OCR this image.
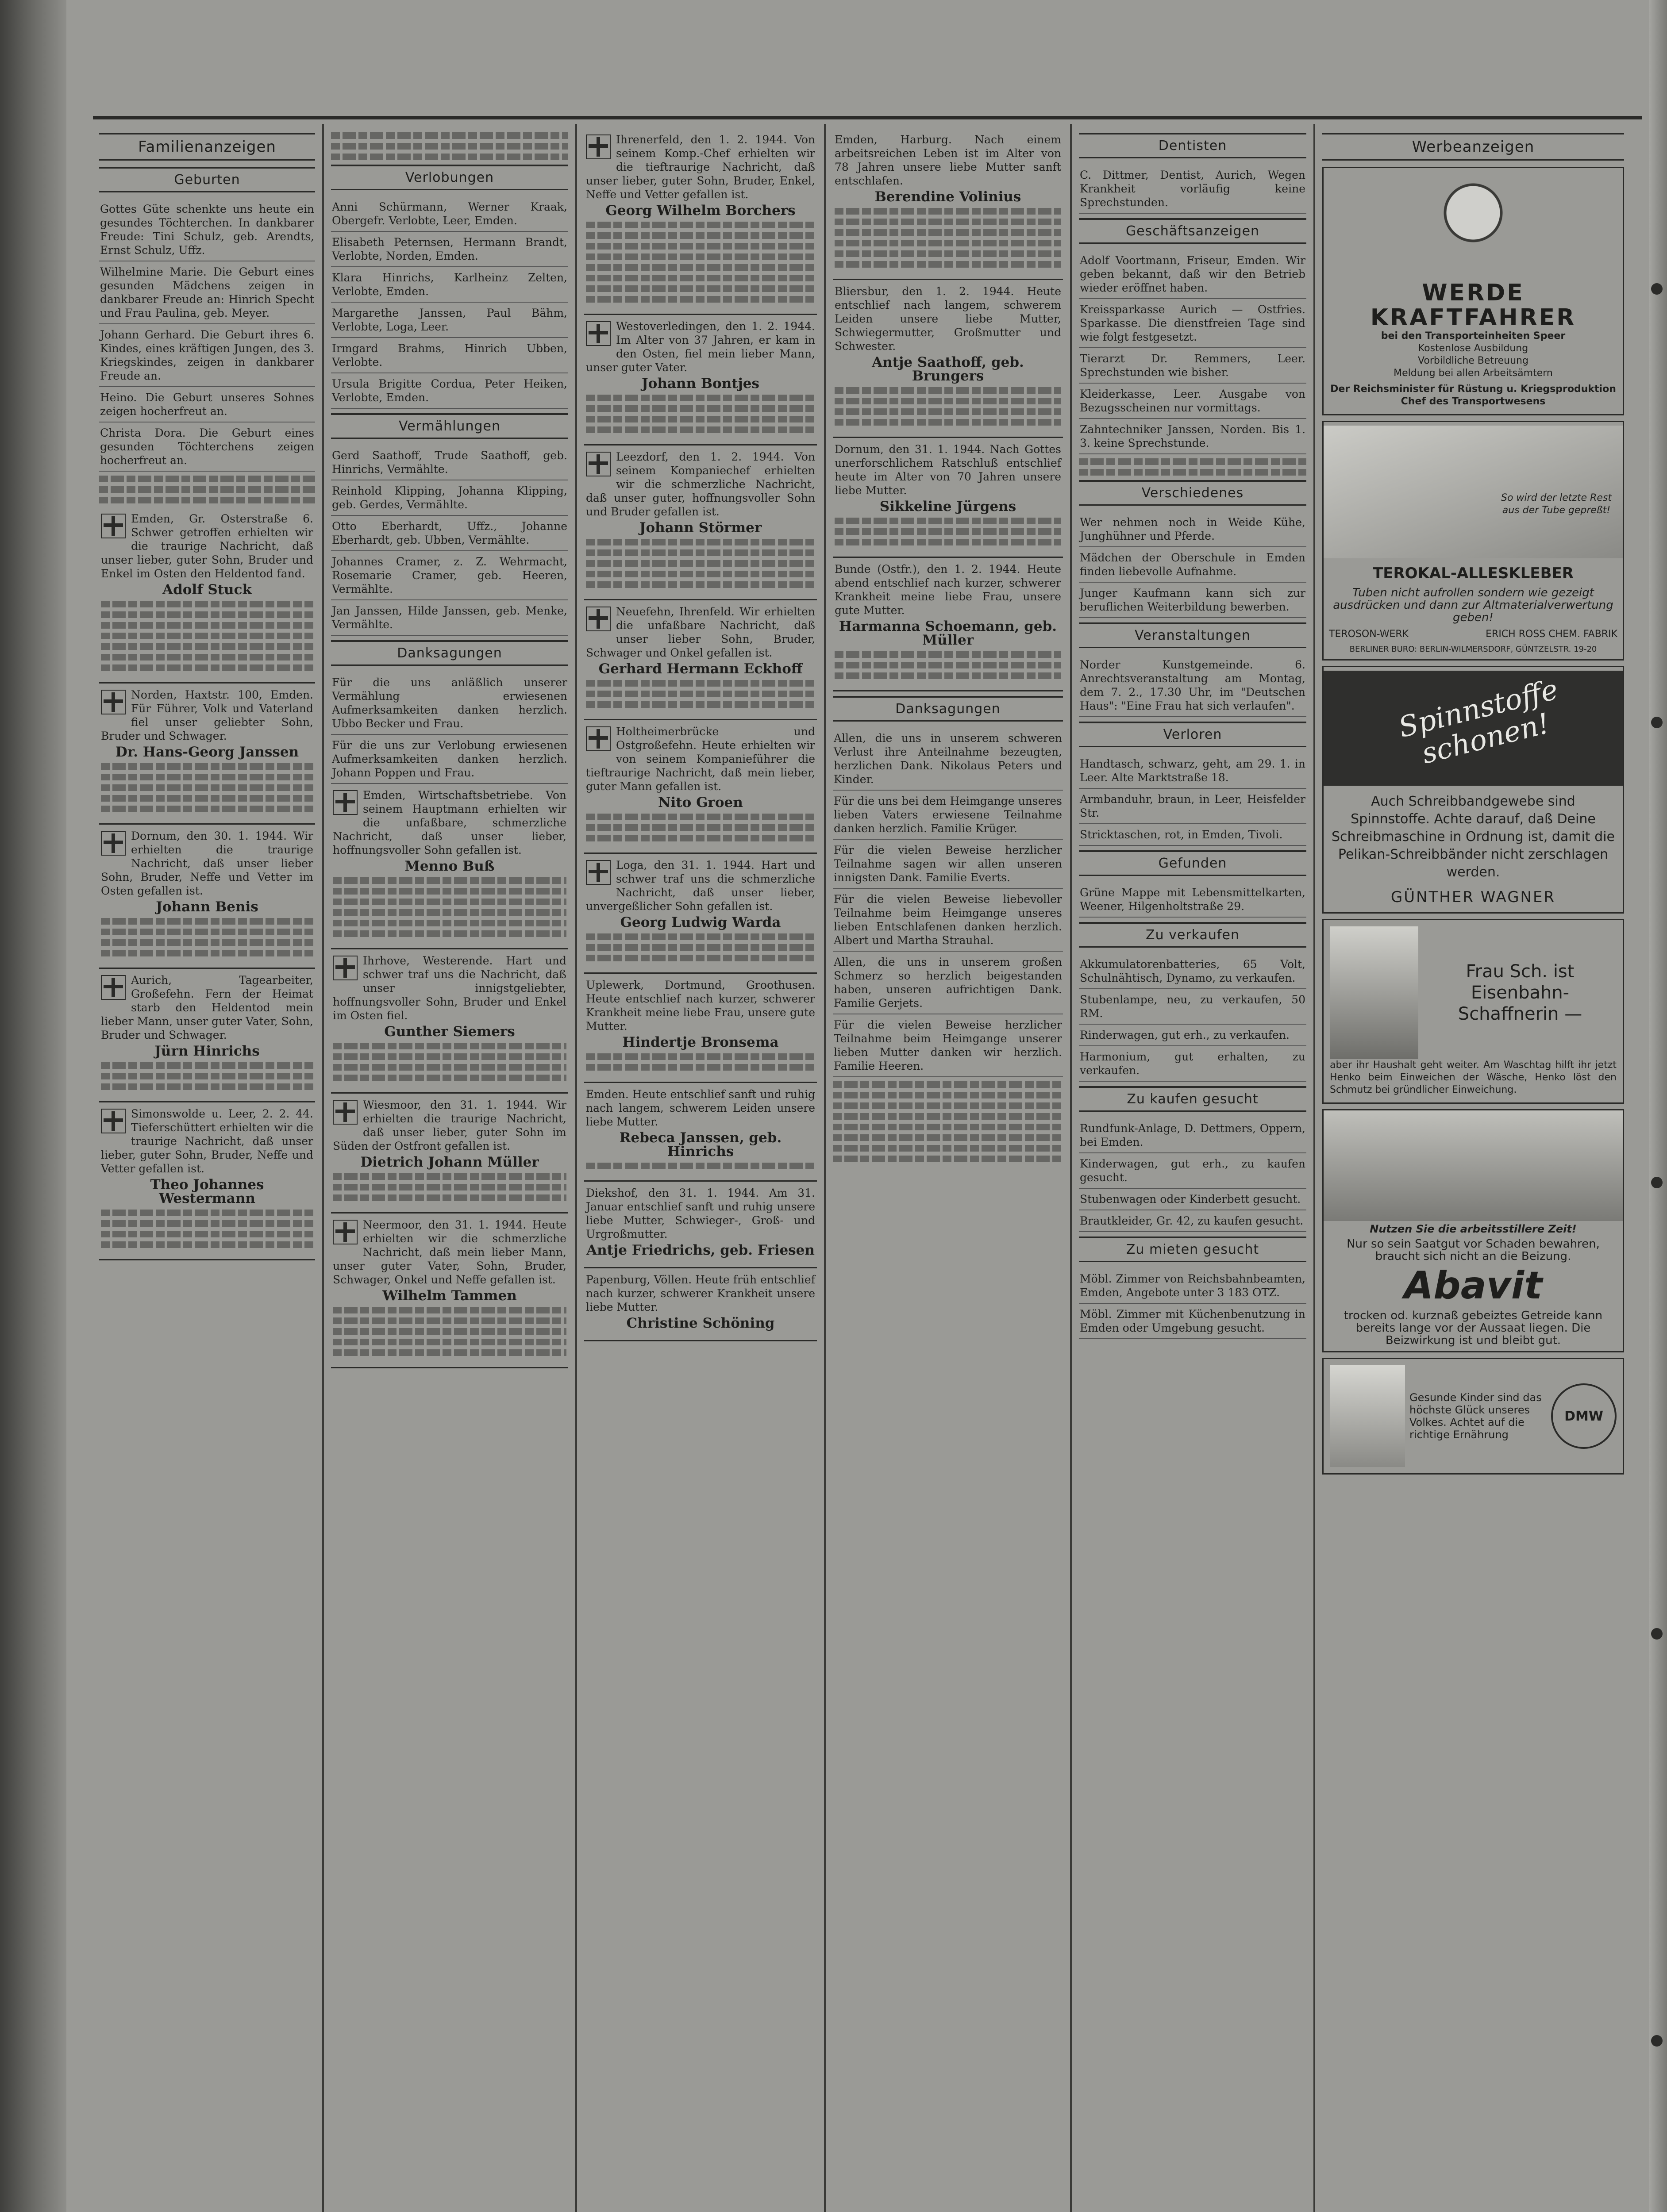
Familienanzeigen
Geburten
Gottes Güte schenkte uns heute ein gesundes Töchterchen. In dankbarer Freude: Tini Schulz, geb. Arendts, Ernst Schulz, Uffz.
Wilhelmine Marie. Die Geburt eines gesunden Mädchens zeigen in dankbarer Freude an: Hinrich Specht und Frau Paulina, geb. Meyer.
Johann Gerhard. Die Geburt ihres 6. Kindes, eines kräftigen Jungen, des 3. Kriegskindes, zeigen in dankbarer Freude an.
Heino. Die Geburt unseres Sohnes zeigen hocherfreut an.
Christa Dora. Die Geburt eines gesunden Töchterchens zeigen hocherfreut an.
Emden, Gr. Osterstraße 6. Schwer getroffen erhielten wir die traurige Nachricht, daß unser lieber, guter Sohn, Bruder und Enkel im Osten den Heldentod fand.
Adolf Stuck
Norden, Haxtstr. 100, Emden. Für Führer, Volk und Vaterland fiel unser geliebter Sohn, Bruder und Schwager.
Dr. Hans-Georg Janssen
Dornum, den 30. 1. 1944. Wir erhielten die traurige Nachricht, daß unser lieber Sohn, Bruder, Neffe und Vetter im Osten gefallen ist.
Johann Benis
Aurich, Tagearbeiter, Großefehn. Fern der Heimat starb den Heldentod mein lieber Mann, unser guter Vater, Sohn, Bruder und Schwager.
Jürn Hinrichs
Simonswolde u. Leer, 2. 2. 44. Tieferschüttert erhielten wir die traurige Nachricht, daß unser lieber, guter Sohn, Bruder, Neffe und Vetter gefallen ist.
Theo Johannes Westermann
Verlobungen
Anni Schürmann, Werner Kraak, Obergefr. Verlobte, Leer, Emden.
Elisabeth Peternsen, Hermann Brandt, Verlobte, Norden, Emden.
Klara Hinrichs, Karlheinz Zelten, Verlobte, Emden.
Margarethe Janssen, Paul Bähm, Verlobte, Loga, Leer.
Irmgard Brahms, Hinrich Ubben, Verlobte.
Ursula Brigitte Cordua, Peter Heiken, Verlobte, Emden.
Vermählungen
Gerd Saathoff, Trude Saathoff, geb. Hinrichs, Vermählte.
Reinhold Klipping, Johanna Klipping, geb. Gerdes, Vermählte.
Otto Eberhardt, Uffz., Johanne Eberhardt, geb. Ubben, Vermählte.
Johannes Cramer, z. Z. Wehrmacht, Rosemarie Cramer, geb. Heeren, Vermählte.
Jan Janssen, Hilde Janssen, geb. Menke, Vermählte.
Danksagungen
Für die uns anläßlich unserer Vermählung erwiesenen Aufmerksamkeiten danken herzlich. Ubbo Becker und Frau.
Für die uns zur Verlobung erwiesenen Aufmerksamkeiten danken herzlich. Johann Poppen und Frau.
Emden, Wirtschaftsbetriebe. Von seinem Hauptmann erhielten wir die unfaßbare, schmerzliche Nachricht, daß unser lieber, hoffnungsvoller Sohn gefallen ist.
Menno Buß
Ihrhove, Westerende. Hart und schwer traf uns die Nachricht, daß unser innigstgeliebter, hoffnungsvoller Sohn, Bruder und Enkel im Osten fiel.
Gunther Siemers
Wiesmoor, den 31. 1. 1944. Wir erhielten die traurige Nachricht, daß unser lieber, guter Sohn im Süden der Ostfront gefallen ist.
Dietrich Johann Müller
Neermoor, den 31. 1. 1944. Heute erhielten wir die schmerzliche Nachricht, daß mein lieber Mann, unser guter Vater, Sohn, Bruder, Schwager, Onkel und Neffe gefallen ist.
Wilhelm Tammen
Ihrenerfeld, den 1. 2. 1944. Von seinem Komp.-Chef erhielten wir die tieftraurige Nachricht, daß unser lieber, guter Sohn, Bruder, Enkel, Neffe und Vetter gefallen ist.
Georg Wilhelm Borchers
Westoverledingen, den 1. 2. 1944. Im Alter von 37 Jahren, er kam in den Osten, fiel mein lieber Mann, unser guter Vater.
Johann Bontjes
Leezdorf, den 1. 2. 1944. Von seinem Kompaniechef erhielten wir die schmerzliche Nachricht, daß unser guter, hoffnungsvoller Sohn und Bruder gefallen ist.
Johann Störmer
Neuefehn, Ihrenfeld. Wir erhielten die unfaßbare Nachricht, daß unser lieber Sohn, Bruder, Schwager und Onkel gefallen ist.
Gerhard Hermann Eckhoff
Holtheimerbrücke und Ostgroßefehn. Heute erhielten wir von seinem Kompanieführer die tieftraurige Nachricht, daß mein lieber, guter Mann gefallen ist.
Nito Groen
Loga, den 31. 1. 1944. Hart und schwer traf uns die schmerzliche Nachricht, daß unser lieber, unvergeßlicher Sohn gefallen ist.
Georg Ludwig Warda
Uplewerk, Dortmund, Groothusen. Heute entschlief nach kurzer, schwerer Krankheit meine liebe Frau, unsere gute Mutter.
Hindertje Bronsema
Emden. Heute entschlief sanft und ruhig nach langem, schwerem Leiden unsere liebe Mutter.
Rebeca Janssen, geb. Hinrichs
Diekshof, den 31. 1. 1944. Am 31. Januar entschlief sanft und ruhig unsere liebe Mutter, Schwieger-, Groß- und Urgroßmutter.
Antje Friedrichs, geb. Friesen
Papenburg, Völlen. Heute früh entschlief nach kurzer, schwerer Krankheit unsere liebe Mutter.
Christine Schöning
Emden, Harburg. Nach einem arbeitsreichen Leben ist im Alter von 78 Jahren unsere liebe Mutter sanft entschlafen.
Berendine Volinius
Bliersbur, den 1. 2. 1944. Heute entschlief nach langem, schwerem Leiden unsere liebe Mutter, Schwiegermutter, Großmutter und Schwester.
Antje Saathoff, geb. Brungers
Dornum, den 31. 1. 1944. Nach Gottes unerforschlichem Ratschluß entschlief heute im Alter von 70 Jahren unsere liebe Mutter.
Sikkeline Jürgens
Bunde (Ostfr.), den 1. 2. 1944. Heute abend entschlief nach kurzer, schwerer Krankheit meine liebe Frau, unsere gute Mutter.
Harmanna Schoemann, geb. Müller
Danksagungen
Allen, die uns in unserem schweren Verlust ihre Anteilnahme bezeugten, herzlichen Dank. Nikolaus Peters und Kinder.
Für die uns bei dem Heimgange unseres lieben Vaters erwiesene Teilnahme danken herzlich. Familie Krüger.
Für die vielen Beweise herzlicher Teilnahme sagen wir allen unseren innigsten Dank. Familie Everts.
Für die vielen Beweise liebevoller Teilnahme beim Heimgange unseres lieben Entschlafenen danken herzlich. Albert und Martha Strauhal.
Allen, die uns in unserem großen Schmerz so herzlich beigestanden haben, unseren aufrichtigen Dank. Familie Gerjets.
Für die vielen Beweise herzlicher Teilnahme beim Heimgange unserer lieben Mutter danken wir herzlich. Familie Heeren.
Dentisten
C. Dittmer, Dentist, Aurich, Wegen Krankheit vorläufig keine Sprechstunden.
Geschäftsanzeigen
Adolf Voortmann, Friseur, Emden. Wir geben bekannt, daß wir den Betrieb wieder eröffnet haben.
Kreissparkasse Aurich — Ostfries. Sparkasse. Die dienstfreien Tage sind wie folgt festgesetzt.
Tierarzt Dr. Remmers, Leer. Sprechstunden wie bisher.
Kleiderkasse, Leer. Ausgabe von Bezugsscheinen nur vormittags.
Zahntechniker Janssen, Norden. Bis 1. 3. keine Sprechstunde.
Verschiedenes
Wer nehmen noch in Weide Kühe, Junghühner und Pferde.
Mädchen der Oberschule in Emden finden liebevolle Aufnahme.
Junger Kaufmann kann sich zur beruflichen Weiterbildung bewerben.
Veranstaltungen
Norder Kunstgemeinde. 6. Anrechtsveranstaltung am Montag, dem 7. 2., 17.30 Uhr, im "Deutschen Haus": "Eine Frau hat sich verlaufen".
Verloren
Handtasch, schwarz, geht, am 29. 1. in Leer. Alte Marktstraße 18.
Armbanduhr, braun, in Leer, Heisfelder Str.
Stricktaschen, rot, in Emden, Tivoli.
Gefunden
Grüne Mappe mit Lebensmittelkarten, Weener, Hilgenholtstraße 29.
Zu verkaufen
Akkumulatorenbatteries, 65 Volt, Schulnähtisch, Dynamo, zu verkaufen.
Stubenlampe, neu, zu verkaufen, 50 RM.
Rinderwagen, gut erh., zu verkaufen.
Harmonium, gut erhalten, zu verkaufen.
Zu kaufen gesucht
Rundfunk-Anlage, D. Dettmers, Oppern, bei Emden.
Kinderwagen, gut erh., zu kaufen gesucht.
Stubenwagen oder Kinderbett gesucht.
Brautkleider, Gr. 42, zu kaufen gesucht.
Zu mieten gesucht
Möbl. Zimmer von Reichsbahnbeamten, Emden, Angebote unter 3 183 OTZ.
Möbl. Zimmer mit Küchenbenutzung in Emden oder Umgebung gesucht.
Werbeanzeigen
WERDE
KRAFTFAHRER
bei den Transporteinheiten Speer
Kostenlose Ausbildung
Vorbildliche Betreuung
Meldung bei allen Arbeitsämtern
Der Reichsminister für Rüstung u. Kriegsproduktion
Chef des Transportwesens
So wird der letzte Rest aus der Tube gepreßt!
TEROKAL-ALLESKLEBER
Tuben nicht aufrollen sondern wie gezeigt ausdrücken und dann zur Altmaterialverwertung geben!
TEROSON-WERK	ERICH ROSS CHEM. FABRIK
BERLINER BURO: BERLIN-WILMERSDORF, GÜNTZELSTR. 19-20
Spinnstoffe schonen!
Auch Schreibbandgewebe sind Spinnstoffe. Achte darauf, daß Deine Schreibmaschine in Ordnung ist, damit die Pelikan-Schreibbänder nicht zerschlagen werden.
GÜNTHER WAGNER
Frau Sch. ist Eisenbahn-Schaffnerin —
aber ihr Haushalt geht weiter. Am Waschtag hilft ihr jetzt Henko beim Einweichen der Wäsche, Henko löst den Schmutz bei gründlicher Einweichung.
Nutzen Sie die arbeitsstillere Zeit!
Nur so sein Saatgut vor Schaden bewahren, braucht sich nicht an die Beizung.
Abavit
trocken od. kurznaß gebeiztes Getreide kann bereits lange vor der Aussaat liegen. Die Beizwirkung ist und bleibt gut.
Gesunde Kinder sind das höchste Glück unseres Volkes. Achtet auf die richtige Ernährung
DMW
